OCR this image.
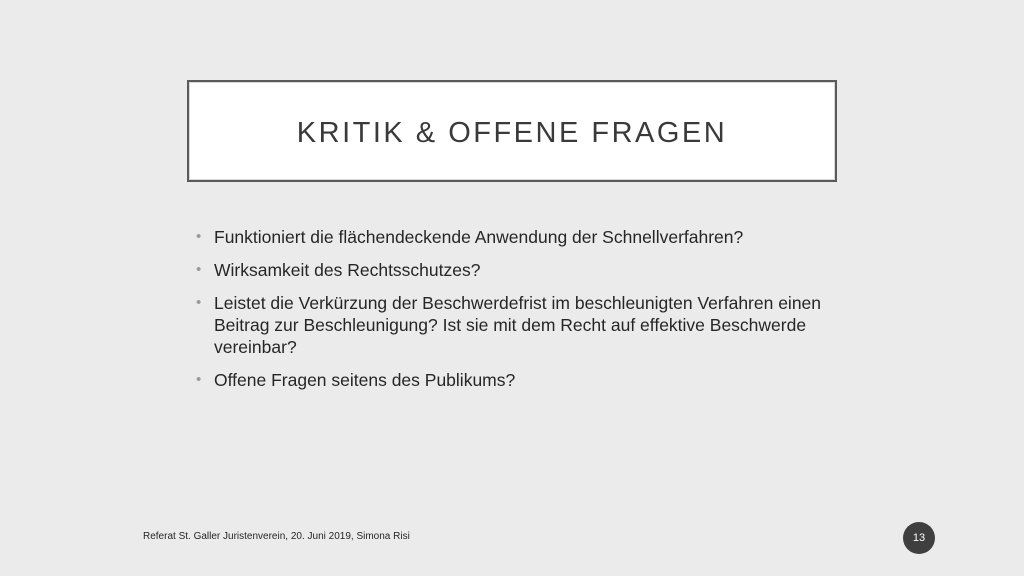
KRITIK & OFFENE FRAGEN
• Funktioniert die flächendeckende Anwendung der Schnellverfahren?
• Wirksamkeit des Rechtsschutzes?
• Leistet die Verkürzung der Beschwerdefrist im beschleunigten Verfahren einen Beitrag zur Beschleunigung? Ist sie mit dem Recht auf effektive Beschwerde vereinbar?
• Offene Fragen seitens des Publikums?
Referat St. Galler Juristenverein, 20. Juni 2019, Simona Risi	13
